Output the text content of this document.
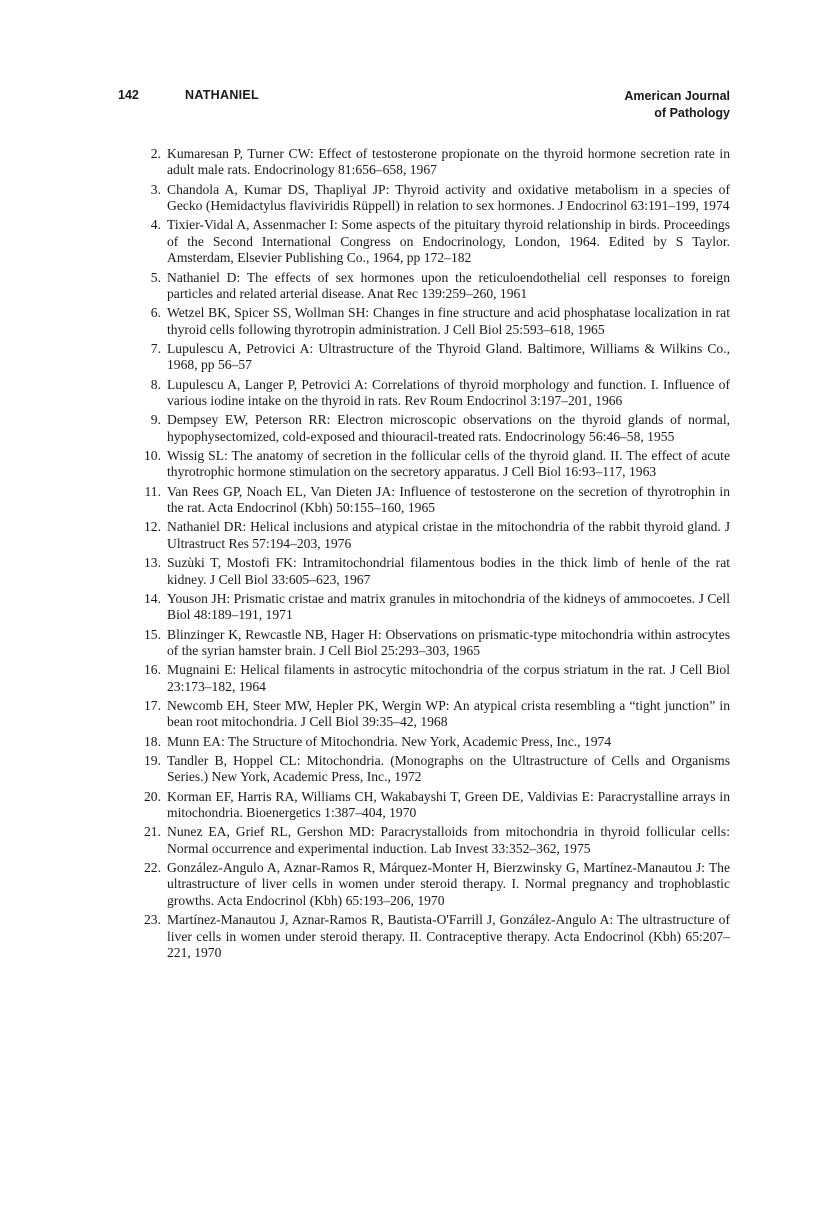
142	NATHANIEL	American Journal
of Pathology
2. Kumaresan P, Turner CW: Effect of testosterone propionate on the thyroid hormone secretion rate in adult male rats. Endocrinology 81:656–658, 1967
3. Chandola A, Kumar DS, Thapliyal JP: Thyroid activity and oxidative metabolism in a species of Gecko (Hemidactylus flaviviridis Rüppell) in relation to sex hormones. J Endocrinol 63:191–199, 1974
4. Tixier-Vidal A, Assenmacher I: Some aspects of the pituitary thyroid relationship in birds. Proceedings of the Second International Congress on Endocrinology, London, 1964. Edited by S Taylor. Amsterdam, Elsevier Publishing Co., 1964, pp 172–182
5. Nathaniel D: The effects of sex hormones upon the reticuloendothelial cell responses to foreign particles and related arterial disease. Anat Rec 139:259–260, 1961
6. Wetzel BK, Spicer SS, Wollman SH: Changes in fine structure and acid phosphatase localization in rat thyroid cells following thyrotropin administration. J Cell Biol 25:593–618, 1965
7. Lupulescu A, Petrovici A: Ultrastructure of the Thyroid Gland. Baltimore, Williams & Wilkins Co., 1968, pp 56–57
8. Lupulescu A, Langer P, Petrovici A: Correlations of thyroid morphology and function. I. Influence of various iodine intake on the thyroid in rats. Rev Roum Endocrinol 3:197–201, 1966
9. Dempsey EW, Peterson RR: Electron microscopic observations on the thyroid glands of normal, hypophysectomized, cold-exposed and thiouracil-treated rats. Endocrinology 56:46–58, 1955
10. Wissig SL: The anatomy of secretion in the follicular cells of the thyroid gland. II. The effect of acute thyrotrophic hormone stimulation on the secretory apparatus. J Cell Biol 16:93–117, 1963
11. Van Rees GP, Noach EL, Van Dieten JA: Influence of testosterone on the secretion of thyrotrophin in the rat. Acta Endocrinol (Kbh) 50:155–160, 1965
12. Nathaniel DR: Helical inclusions and atypical cristae in the mitochondria of the rabbit thyroid gland. J Ultrastruct Res 57:194–203, 1976
13. Suzùki T, Mostofi FK: Intramitochondrial filamentous bodies in the thick limb of henle of the rat kidney. J Cell Biol 33:605–623, 1967
14. Youson JH: Prismatic cristae and matrix granules in mitochondria of the kidneys of ammocoetes. J Cell Biol 48:189–191, 1971
15. Blinzinger K, Rewcastle NB, Hager H: Observations on prismatic-type mitochondria within astrocytes of the syrian hamster brain. J Cell Biol 25:293–303, 1965
16. Mugnaini E: Helical filaments in astrocytic mitochondria of the corpus striatum in the rat. J Cell Biol 23:173–182, 1964
17. Newcomb EH, Steer MW, Hepler PK, Wergin WP: An atypical crista resembling a “tight junction” in bean root mitochondria. J Cell Biol 39:35–42, 1968
18. Munn EA: The Structure of Mitochondria. New York, Academic Press, Inc., 1974
19. Tandler B, Hoppel CL: Mitochondria. (Monographs on the Ultrastructure of Cells and Organisms Series.) New York, Academic Press, Inc., 1972
20. Korman EF, Harris RA, Williams CH, Wakabayshi T, Green DE, Valdivias E: Paracrystalline arrays in mitochondria. Bioenergetics 1:387–404, 1970
21. Nunez EA, Grief RL, Gershon MD: Paracrystalloids from mitochondria in thyroid follicular cells: Normal occurrence and experimental induction. Lab Invest 33:352–362, 1975
22. González-Angulo A, Aznar-Ramos R, Márquez-Monter H, Bierzwinsky G, Martínez-Manautou J: The ultrastructure of liver cells in women under steroid therapy. I. Normal pregnancy and trophoblastic growths. Acta Endocrinol (Kbh) 65:193–206, 1970
23. Martínez-Manautou J, Aznar-Ramos R, Bautista-O'Farrill J, González-Angulo A: The ultrastructure of liver cells in women under steroid therapy. II. Contraceptive therapy. Acta Endocrinol (Kbh) 65:207–221, 1970
